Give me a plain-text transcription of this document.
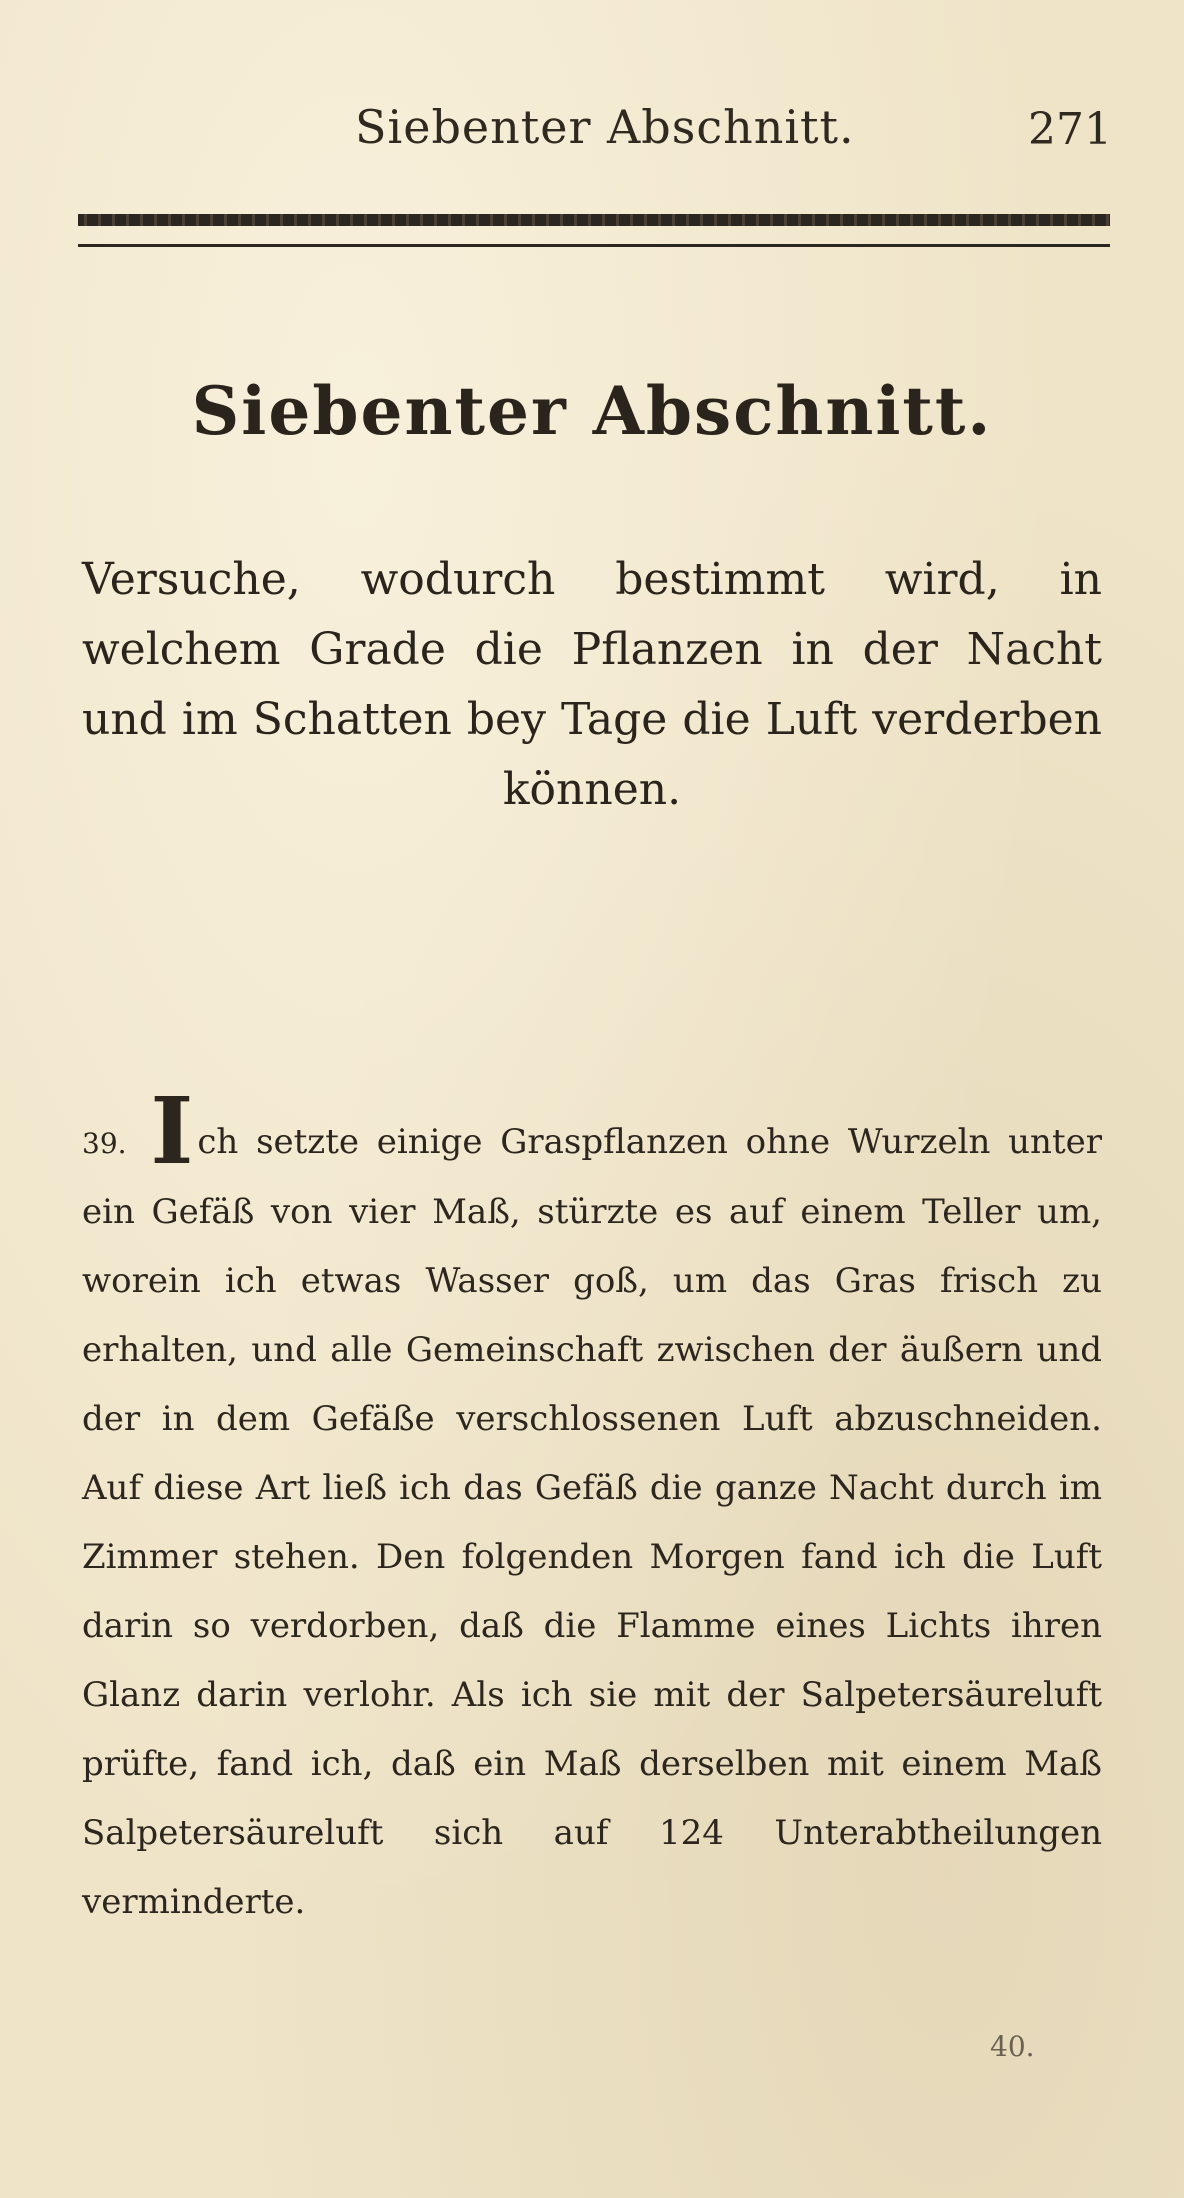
Siebenter Abschnitt.	271
Siebenter Abschnitt.
Versuche, wodurch bestimmt wird, in welchem Grade die Pflanzen in der Nacht und im Schatten bey Tage die Luft verderben können.
39. I ch setzte einige Graspflanzen ohne Wurzeln unter ein Gefäß von vier Maß, stürzte es auf einem Teller um, worein ich etwas Wasser goß, um das Gras frisch zu erhalten, und alle Gemeinschaft zwischen der äußern und der in dem Gefäße verschlossenen Luft abzuschneiden. Auf diese Art ließ ich das Gefäß die ganze Nacht durch im Zimmer stehen. Den folgenden Morgen fand ich die Luft darin so verdorben, daß die Flamme eines Lichts ihren Glanz darin verlohr. Als ich sie mit der Salpetersäureluft prüfte, fand ich, daß ein Maß derselben mit einem Maß Salpetersäureluft sich auf 124 Unterabtheilungen verminderte.
40.
